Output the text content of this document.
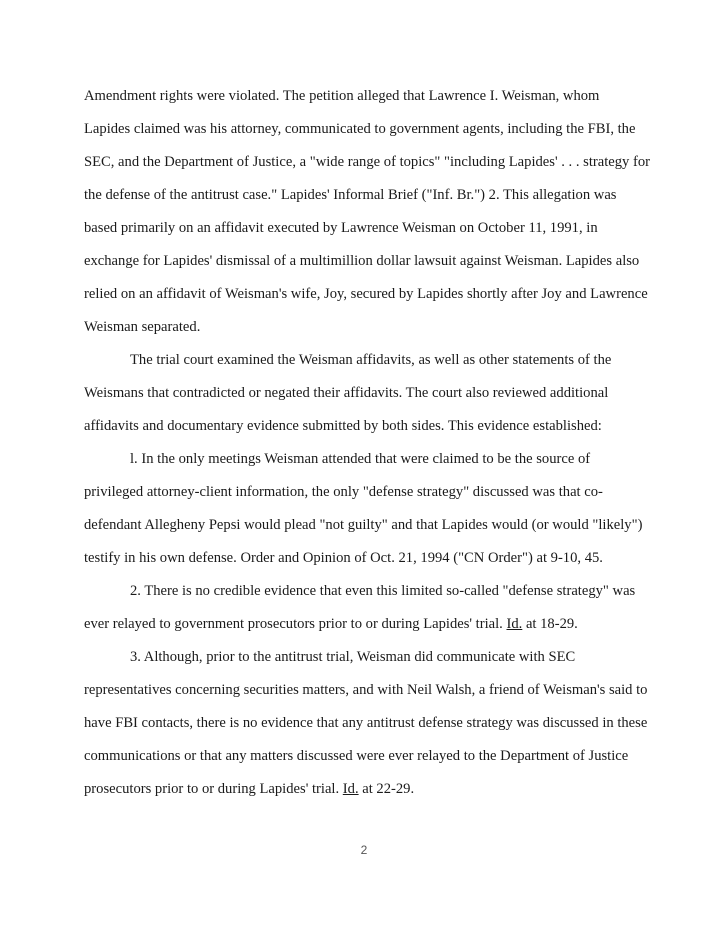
Amendment rights were violated. The petition alleged that Lawrence I. Weisman, whom

Lapides claimed was his attorney, communicated to government agents, including the FBI, the

SEC, and the Department of Justice, a "wide range of topics" "including Lapides' . . . strategy for

the defense of the antitrust case." Lapides' Informal Brief ("Inf. Br.") 2. This allegation was

based primarily on an affidavit executed by Lawrence Weisman on October 11, 1991, in

exchange for Lapides' dismissal of a multimillion dollar lawsuit against Weisman. Lapides also

relied on an affidavit of Weisman's wife, Joy, secured by Lapides shortly after Joy and Lawrence

Weisman separated.

The trial court examined the Weisman affidavits, as well as other statements of the

Weismans that contradicted or negated their affidavits. The court also reviewed additional

affidavits and documentary evidence submitted by both sides. This evidence established:

l. In the only meetings Weisman attended that were claimed to be the source of

privileged attorney-client information, the only "defense strategy" discussed was that co-

defendant Allegheny Pepsi would plead "not guilty" and that Lapides would (or would "likely")

testify in his own defense. Order and Opinion of Oct. 21, 1994 ("CN Order") at 9-10, 45.

2. There is no credible evidence that even this limited so-called "defense strategy" was

ever relayed to government prosecutors prior to or during Lapides' trial. Id. at 18-29.

3. Although, prior to the antitrust trial, Weisman did communicate with SEC

representatives concerning securities matters, and with Neil Walsh, a friend of Weisman's said to

have FBI contacts, there is no evidence that any antitrust defense strategy was discussed in these

communications or that any matters discussed were ever relayed to the Department of Justice

prosecutors prior to or during Lapides' trial. Id. at 22-29.

2
